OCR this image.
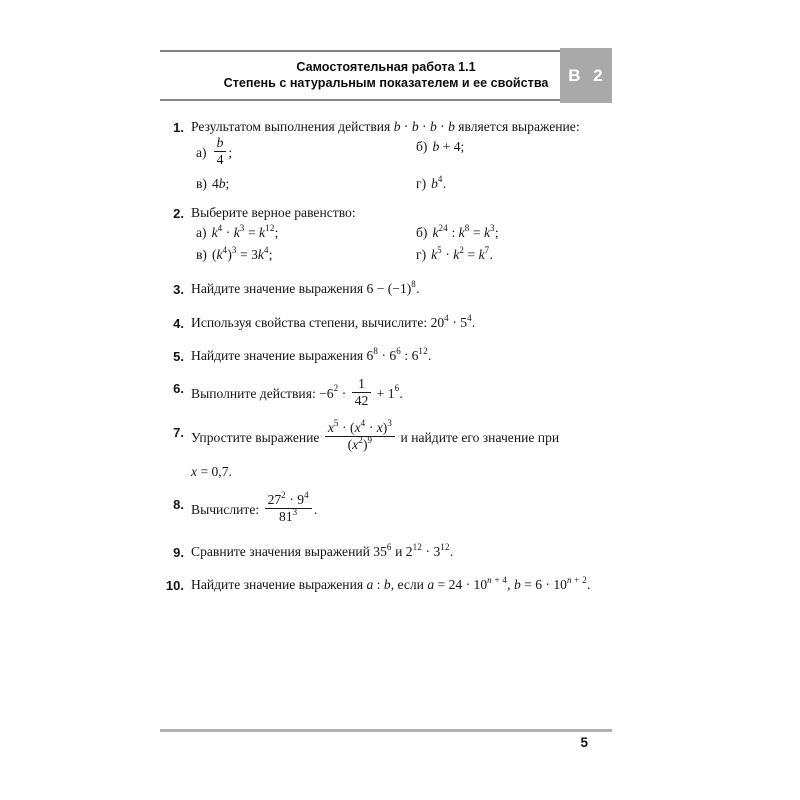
Самостоятельная работа 1.1
Степень с натуральным показателем и ее свойства	В 2
1. Результатом выполнения действия b · b · b · b является выражение:
$а) \frac{b}{4}$ ;	б) b + 4;
в) 4b;	г) $b^4$.
2. Выберите верное равенство:
а) $k^4 \cdot k^3 = k^{12}$;	б) $k^{24}$ : $k^8 = k^3$;
в) $(k^4)^3 = 3k^4$;	г) $k^5 \cdot k^2 = k^7$.
3. Найдите значение выражения $6 - (-1)^8$.
4. Используя свойства степени, вычислите: $20^4 \cdot 5^4$.
5. Найдите значение выражения $6^8 \cdot 6^6$ : $6^{12}$.
6. Выполните действия: $-6^2 \cdot \frac{1}{42} + 1^6$.
7. Упростите выражение $\frac{x^5 \cdot (x^4 \cdot x)^3}{(x^2)^9}$ и найдите его значение при
x = 0,7.
8. Вычислите: $\frac{27^2 \cdot 9^4}{81^3}$ .
9. Сравните значения выражений $35^6$ и $2^{12} \cdot 3^{12}$.
10. Найдите значение выражения a : b, если $a = 24 \cdot 10^{n + 4}$, $b = 6 \cdot 10^{n + 2}$.
5
